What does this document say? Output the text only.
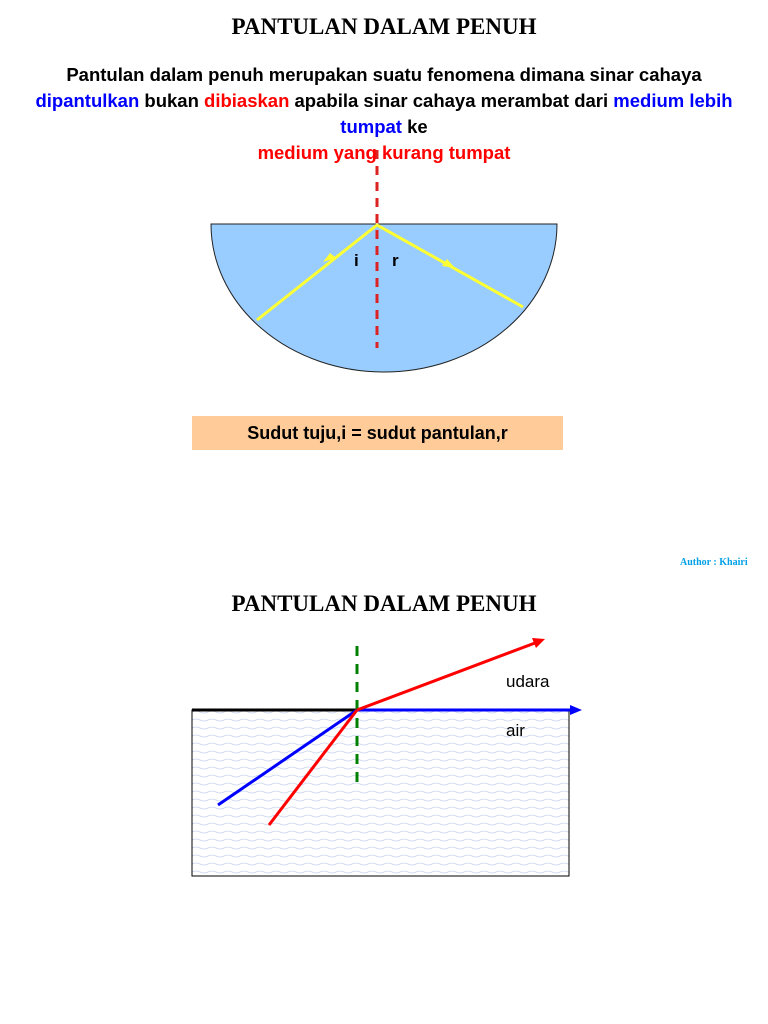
PANTULAN DALAM PENUH

Pantulan dalam penuh merupakan suatu fenomena dimana sinar cahaya dipantulkan bukan dibiaskan apabila sinar cahaya merambat dari medium lebih tumpat ke
medium yang kurang tumpat

i r
Sudut tuju,i = sudut pantulan,r
Author : Khairi
PANTULAN DALAM PENUH
udara
air
